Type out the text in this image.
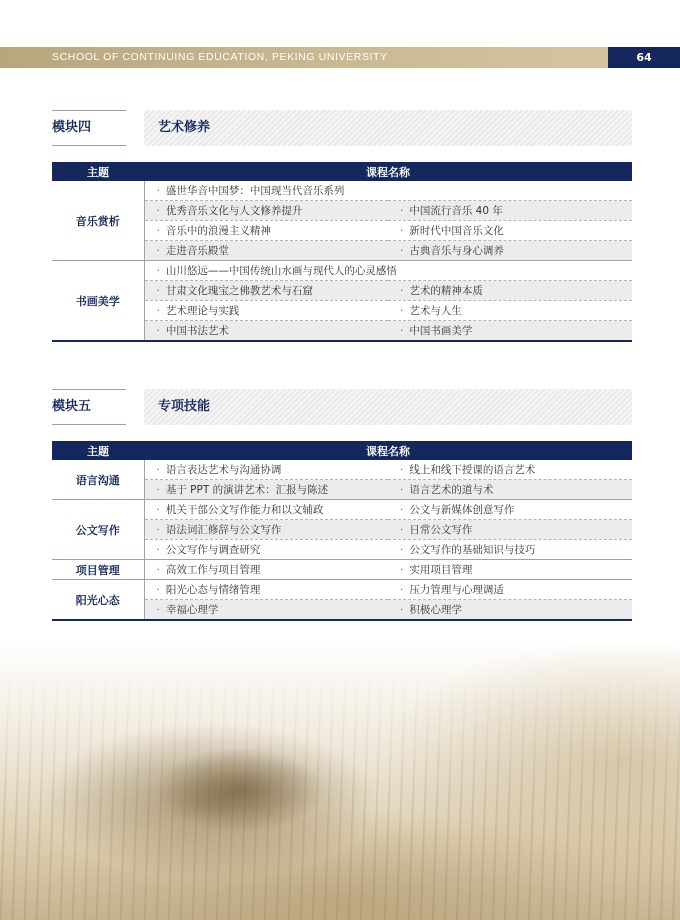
SCHOOL OF CONTINUING EDUCATION, PEKING UNIVERSITY	64
模块四	艺术修养
主题	课程名称	
音乐赏析	· 盛世华音中国梦：中国现当代音乐系列	
	· 优秀音乐文化与人文修养提升	· 中国流行音乐 40 年
	· 音乐中的浪漫主义精神	· 新时代中国音乐文化
	· 走进音乐殿堂	· 古典音乐与身心调养
书画美学	· 山川悠远——中国传统山水画与现代人的心灵感悟	
	· 甘肃文化瑰宝之佛教艺术与石窟	· 艺术的精神本质
	· 艺术理论与实践	· 艺术与人生
	· 中国书法艺术	· 中国书画美学
模块五	专项技能
主题	课程名称	
语言沟通	· 语言表达艺术与沟通协调	· 线上和线下授课的语言艺术
	· 基于 PPT 的演讲艺术：汇报与陈述	· 语言艺术的道与术
公文写作	· 机关干部公文写作能力和以文辅政	· 公文与新媒体创意写作
	· 语法词汇修辞与公文写作	· 日常公文写作
	· 公文写作与调查研究	· 公文写作的基础知识与技巧
项目管理	· 高效工作与项目管理	· 实用项目管理
阳光心态	· 阳光心态与情绪管理	· 压力管理与心理调适
	· 幸福心理学	· 积极心理学
